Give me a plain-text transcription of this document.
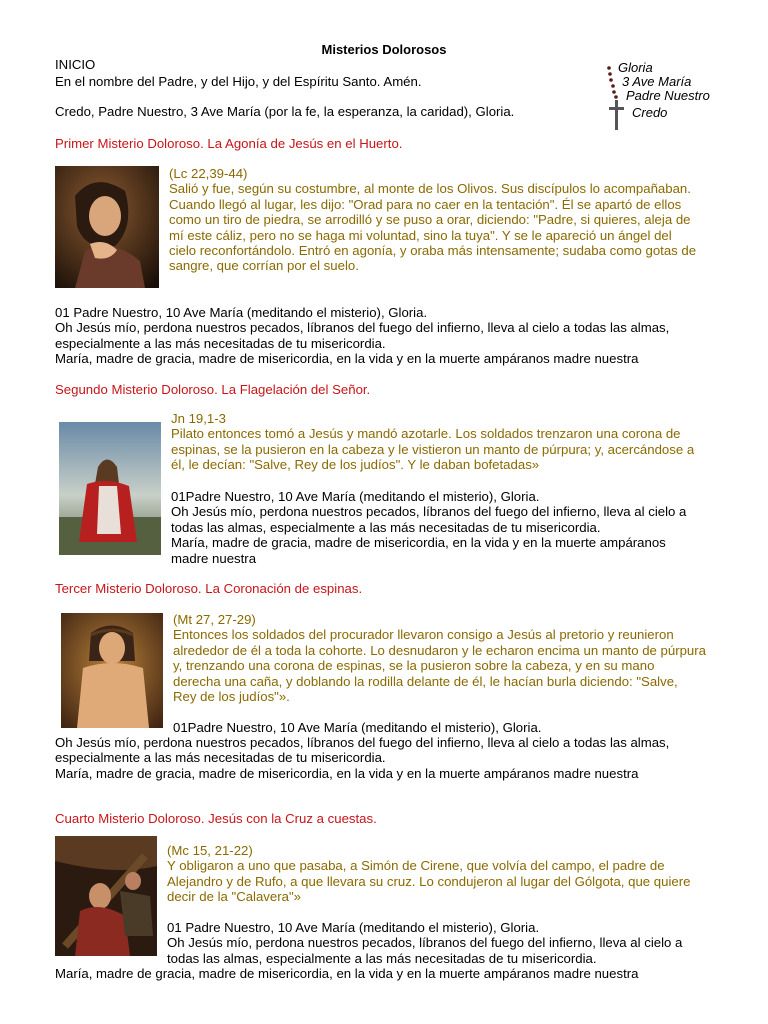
Misterios Dolorosos
INICIO
En el nombre del Padre, y del Hijo, y del Espíritu Santo. Amén.
Credo, Padre Nuestro, 3 Ave María (por la fe, la esperanza, la caridad), Gloria.
Gloria
3 Ave María
Padre Nuestro
Credo
Primer Misterio Doloroso. La Agonía de Jesús en el Huerto.
(Lc 22,39-44)
Salió y fue, según su costumbre, al monte de los Olivos. Sus discípulos lo acompañaban.
Cuando llegó al lugar, les dijo: "Orad para no caer en la tentación". Él se apartó de ellos
como un tiro de piedra, se arrodilló y se puso a orar, diciendo: "Padre, si quieres, aleja de
mí este cáliz, pero no se haga mi voluntad, sino la tuya". Y se le apareció un ángel del
cielo reconfortándolo. Entró en agonía, y oraba más intensamente; sudaba como gotas de
sangre, que corrían por el suelo.
01 Padre Nuestro, 10 Ave María (meditando el misterio), Gloria.
Oh Jesús mío, perdona nuestros pecados, líbranos del fuego del infierno, lleva al cielo a todas las almas,
especialmente a las más necesitadas de tu misericordia.
María, madre de gracia, madre de misericordia, en la vida y en la muerte ampáranos madre nuestra
Segundo Misterio Doloroso. La Flagelación del Señor.
Jn 19,1-3
Pilato entonces tomó a Jesús y mandó azotarle. Los soldados trenzaron una corona de
espinas, se la pusieron en la cabeza y le vistieron un manto de púrpura; y, acercándose a
él, le decían: "Salve, Rey de los judíos". Y le daban bofetadas»
01Padre Nuestro, 10 Ave María (meditando el misterio), Gloria.
Oh Jesús mío, perdona nuestros pecados, líbranos del fuego del infierno, lleva al cielo a
todas las almas, especialmente a las más necesitadas de tu misericordia.
María, madre de gracia, madre de misericordia, en la vida y en la muerte ampáranos
madre nuestra
Tercer Misterio Doloroso. La Coronación de espinas.
(Mt 27, 27-29)
Entonces los soldados del procurador llevaron consigo a Jesús al pretorio y reunieron
alrededor de él a toda la cohorte. Lo desnudaron y le echaron encima un manto de púrpura
y, trenzando una corona de espinas, se la pusieron sobre la cabeza, y en su mano
derecha una caña, y doblando la rodilla delante de él, le hacían burla diciendo: "Salve,
Rey de los judíos"».
01Padre Nuestro, 10 Ave María (meditando el misterio), Gloria.
Oh Jesús mío, perdona nuestros pecados, líbranos del fuego del infierno, lleva al cielo a todas las almas,
especialmente a las más necesitadas de tu misericordia.
María, madre de gracia, madre de misericordia, en la vida y en la muerte ampáranos madre nuestra
Cuarto Misterio Doloroso. Jesús con la Cruz a cuestas.
(Mc 15, 21-22)
Y obligaron a uno que pasaba, a Simón de Cirene, que volvía del campo, el padre de
Alejandro y de Rufo, a que llevara su cruz. Lo condujeron al lugar del Gólgota, que quiere
decir de la "Calavera"»
01 Padre Nuestro, 10 Ave María (meditando el misterio), Gloria.
Oh Jesús mío, perdona nuestros pecados, líbranos del fuego del infierno, lleva al cielo a
todas las almas, especialmente a las más necesitadas de tu misericordia.
María, madre de gracia, madre de misericordia, en la vida y en la muerte ampáranos madre nuestra
